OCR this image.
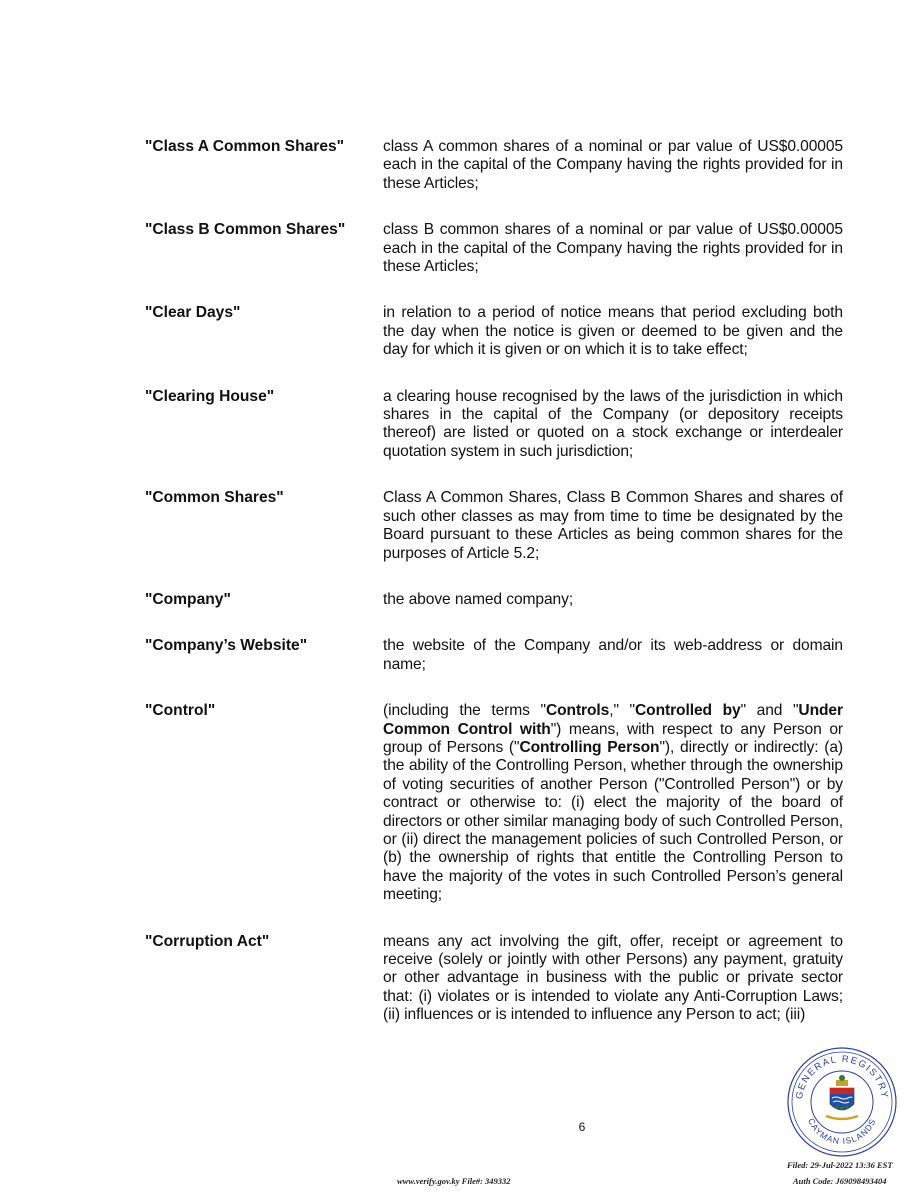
"Class A Common Shares"	class A common shares of a nominal or par value of US$0.00005 each in the capital of the Company having the rights provided for in these Articles;
"Class B Common Shares"	class B common shares of a nominal or par value of US$0.00005 each in the capital of the Company having the rights provided for in these Articles;
"Clear Days"	in relation to a period of notice means that period excluding both the day when the notice is given or deemed to be given and the day for which it is given or on which it is to take effect;
"Clearing House"	a clearing house recognised by the laws of the jurisdiction in which shares in the capital of the Company (or depository receipts thereof) are listed or quoted on a stock exchange or interdealer quotation system in such jurisdiction;
"Common Shares"	Class A Common Shares, Class B Common Shares and shares of such other classes as may from time to time be designated by the Board pursuant to these Articles as being common shares for the purposes of Article 5.2;
"Company"	the above named company;
"Company’s Website"	the website of the Company and/or its web-address or domain name;
"Control"	(including the terms "Controls," "Controlled by" and "Under Common Control with") means, with respect to any Person or group of Persons ("Controlling Person"), directly or indirectly: (a) the ability of the Controlling Person, whether through the ownership of voting securities of another Person ("Controlled Person") or by contract or otherwise to: (i) elect the majority of the board of directors or other similar managing body of such Controlled Person, or (ii) direct the management policies of such Controlled Person, or (b) the ownership of rights that entitle the Controlling Person to have the majority of the votes in such Controlled Person’s general meeting;
"Corruption Act"	means any act involving the gift, offer, receipt or agreement to receive (solely or jointly with other Persons) any payment, gratuity or other advantage in business with the public or private sector that: (i) violates or is intended to violate any Anti-Corruption Laws; (ii) influences or is intended to influence any Person to act; (iii)
6
GENERAL REGISTRY
CAYMAN ISLANDS
Filed: 29-Jul-2022 13:36 EST
www.verify.gov.ky File#: 349332	Auth Code: J69098493404
